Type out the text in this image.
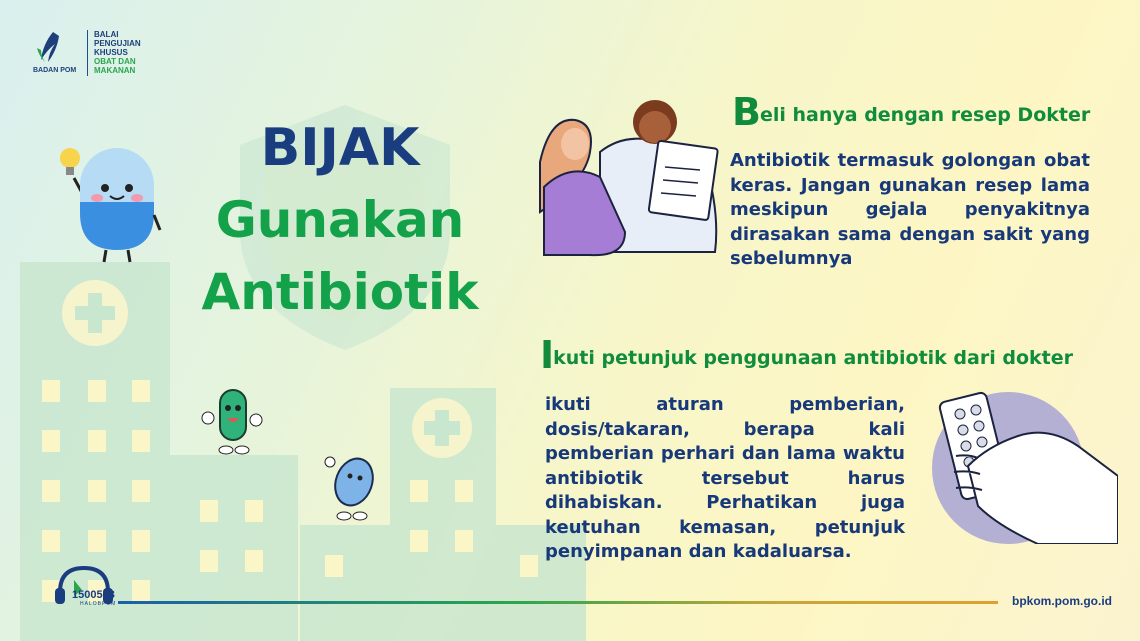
BADAN POM
BALAI
PENGUJIAN
KHUSUS
OBAT DAN
MAKANAN
BIJAK
Gunakan
Antibiotik
Beli hanya dengan resep Dokter
Antibiotik termasuk golongan obat keras. Jangan gunakan resep lama meskipun gejala penyakitnya dirasakan sama dengan sakit yang sebelumnya
Ikuti petunjuk penggunaan antibiotik dari dokter
ikuti aturan pemberian, dosis/takaran, berapa kali pemberian perhari dan lama waktu antibiotik tersebut harus dihabiskan. Perhatikan juga keutuhan kemasan, petunjuk penyimpanan dan kadaluarsa.
1500533
HALOBPOM	bpkom.pom.go.id
